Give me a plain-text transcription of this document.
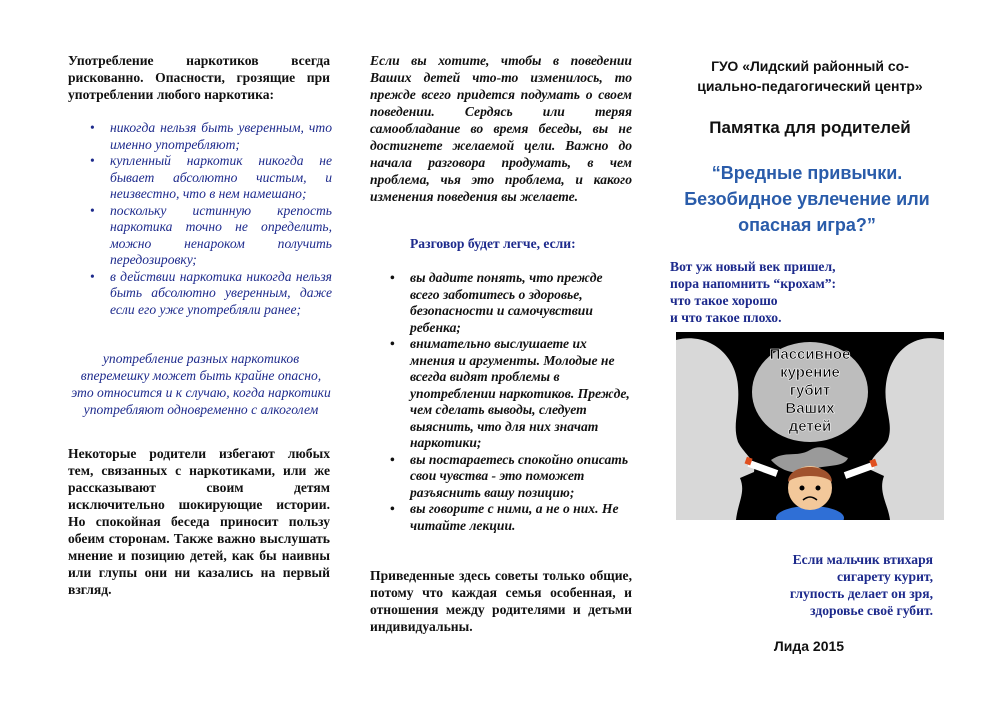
Употребление наркотиков всегда рискованно. Опасности, грозящие при употреблении любого наркотика:
• никогда нельзя быть уверенным, что именно употребляют;
• купленный наркотик никогда не бывает абсолютно чистым, и неизвестно, что в нем намешано;
• поскольку истинную крепость наркотика точно не определить, можно ненароком получить передозировку;
• в действии наркотика никогда нельзя быть абсолютно уверенным, даже если его уже употребляли ранее;
употребление разных наркотиков вперемешку может быть крайне опасно, это относится и к случаю, когда наркотики употребляют одновременно с алкоголем
Некоторые родители избегают любых тем, связанных с наркотиками, или же рассказывают своим детям исключительно шокирующие истории. Но спокойная беседа приносит пользу обеим сторонам. Также важно выслушать мнение и позицию детей, как бы наивны или глупы они ни казались на первый взгляд.
Если вы хотите, чтобы в поведении Ваших детей что-то изменилось, то прежде всего придется подумать о своем поведении. Сердясь или теряя самообладание во время беседы, вы не достигнете желаемой цели. Важно до начала разговора продумать, в чем проблема, чья это проблема, и какого изменения поведения вы желаете.
Разговор будет легче, если:
• вы дадите понять, что прежде всего заботитесь о здоровье, безопасности и самочувствии ребенка;
• внимательно выслушаете их мнения и аргументы. Молодые не всегда видят проблемы в употреблении наркотиков. Прежде, чем сделать выводы, следует выяснить, что для них значат наркотики;
• вы постараетесь спокойно описать свои чувства - это поможет разъяснить вашу позицию;
• вы говорите с ними, а не о них. Не читайте лекции.
Приведенные здесь советы только общие, потому что каждая семья особенная, и отношения между родителями и детьми индивидуальны.
ГУО «Лидский районный со-
циально-педагогический центр»
Памятка для родителей
“Вредные привычки.
Безобидное увлечение или
опасная игра?”
Вот уж новый век пришел,
пора напомнить “крохам”:
что такое хорошо
и что такое плохо.
Пассивное
курение
губит
Ваших
детей
Если мальчик втихаря
сигарету курит,
глупость делает он зря,
здоровье своё губит.
Лида 2015
